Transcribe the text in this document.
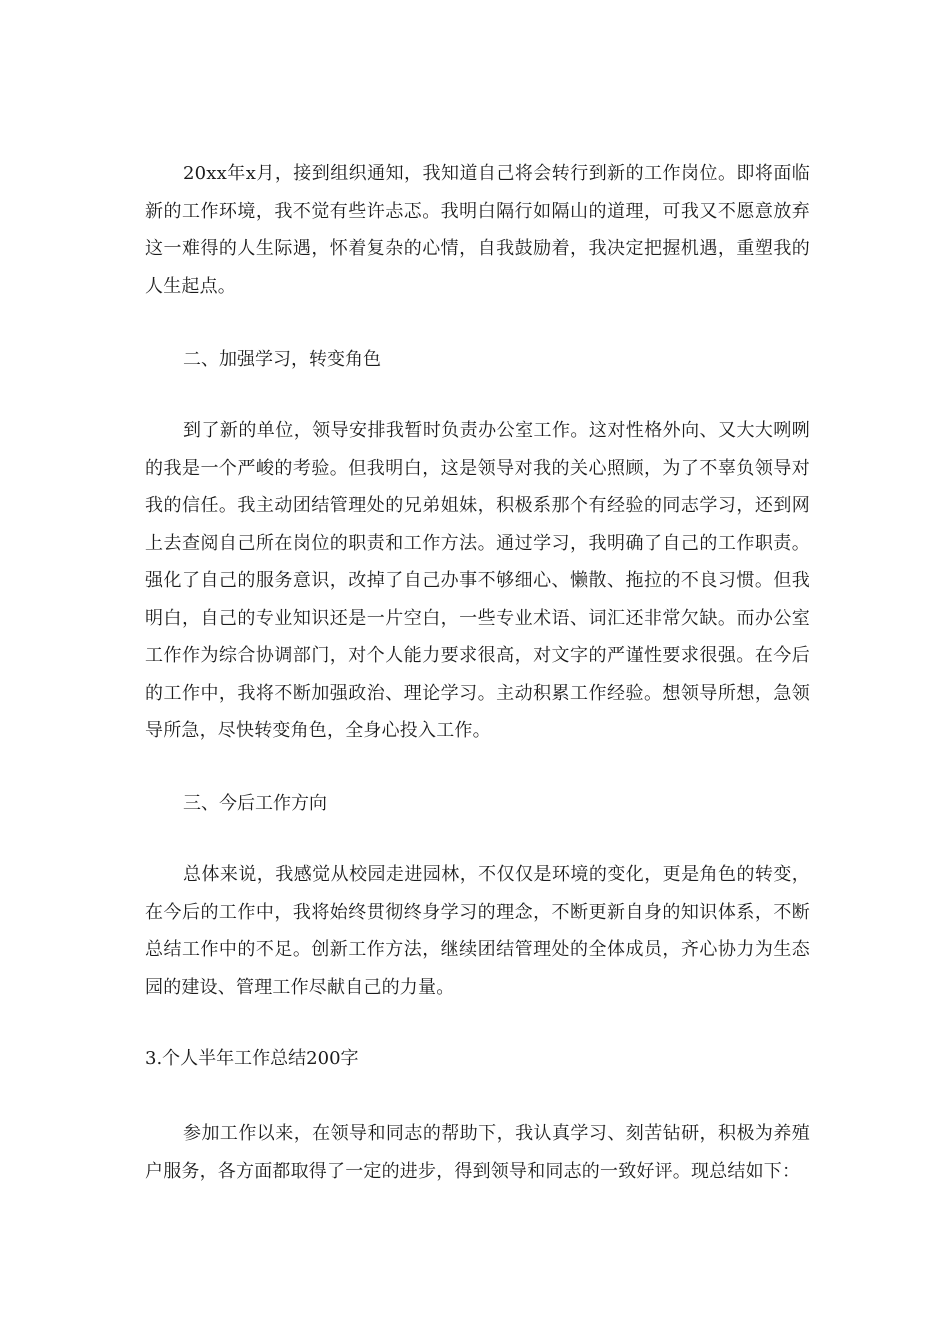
20xx年x月，接到组织通知，我知道自己将会转行到新的工作岗位。即将面临新的工作环境，我不觉有些许忐忑。我明白隔行如隔山的道理，可我又不愿意放弃这一难得的人生际遇，怀着复杂的心情，自我鼓励着，我决定把握机遇，重塑我的人生起点。

二、加强学习，转变角色

到了新的单位，领导安排我暂时负责办公室工作。这对性格外向、又大大咧咧的我是一个严峻的考验。但我明白，这是领导对我的关心照顾，为了不辜负领导对我的信任。我主动团结管理处的兄弟姐妹，积极系那个有经验的同志学习，还到网上去查阅自己所在岗位的职责和工作方法。通过学习，我明确了自己的工作职责。强化了自己的服务意识，改掉了自己办事不够细心、懒散、拖拉的不良习惯。但我明白，自己的专业知识还是一片空白，一些专业术语、词汇还非常欠缺。而办公室工作作为综合协调部门，对个人能力要求很高，对文字的严谨性要求很强。在今后的工作中，我将不断加强政治、理论学习。主动积累工作经验。想领导所想，急领导所急，尽快转变角色，全身心投入工作。

三、今后工作方向

总体来说，我感觉从校园走进园林，不仅仅是环境的变化，更是角色的转变，在今后的工作中，我将始终贯彻终身学习的理念，不断更新自身的知识体系，不断总结工作中的不足。创新工作方法，继续团结管理处的全体成员，齐心协力为生态园的建设、管理工作尽献自己的力量。

3.个人半年工作总结200字

参加工作以来，在领导和同志的帮助下，我认真学习、刻苦钻研，积极为养殖户服务，各方面都取得了一定的进步，得到领导和同志的一致好评。现总结如下：
